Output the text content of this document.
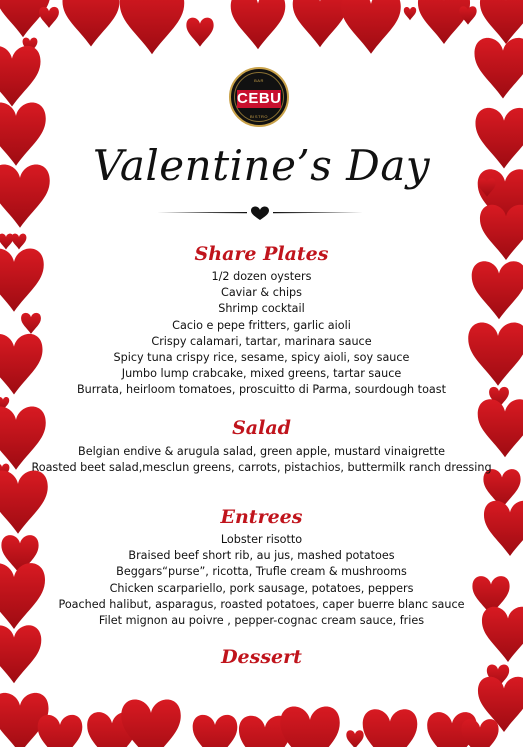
BAR
CEBU
BISTRO
Valentine’s Day
Share Plates
1/2 dozen oysters
Caviar & chips
Shrimp cocktail
Cacio e pepe fritters, garlic aioli
Crispy calamari, tartar, marinara sauce
Spicy tuna crispy rice, sesame, spicy aioli, soy sauce
Jumbo lump crabcake, mixed greens, tartar sauce
Burrata, heirloom tomatoes, proscuitto di Parma, sourdough toast
Salad
Belgian endive & arugula salad, green apple, mustard vinaigrette
Roasted beet salad,mesclun greens, carrots, pistachios, buttermilk ranch dressing
Entrees
Lobster risotto
Braised beef short rib, au jus, mashed potatoes
Beggars“purse”, ricotta, Trufle cream & mushrooms
Chicken scarpariello, pork sausage, potatoes, peppers
Poached halibut, asparagus, roasted potatoes, caper buerre blanc sauce
Filet mignon au poivre , pepper-cognac cream sauce, fries
Dessert
